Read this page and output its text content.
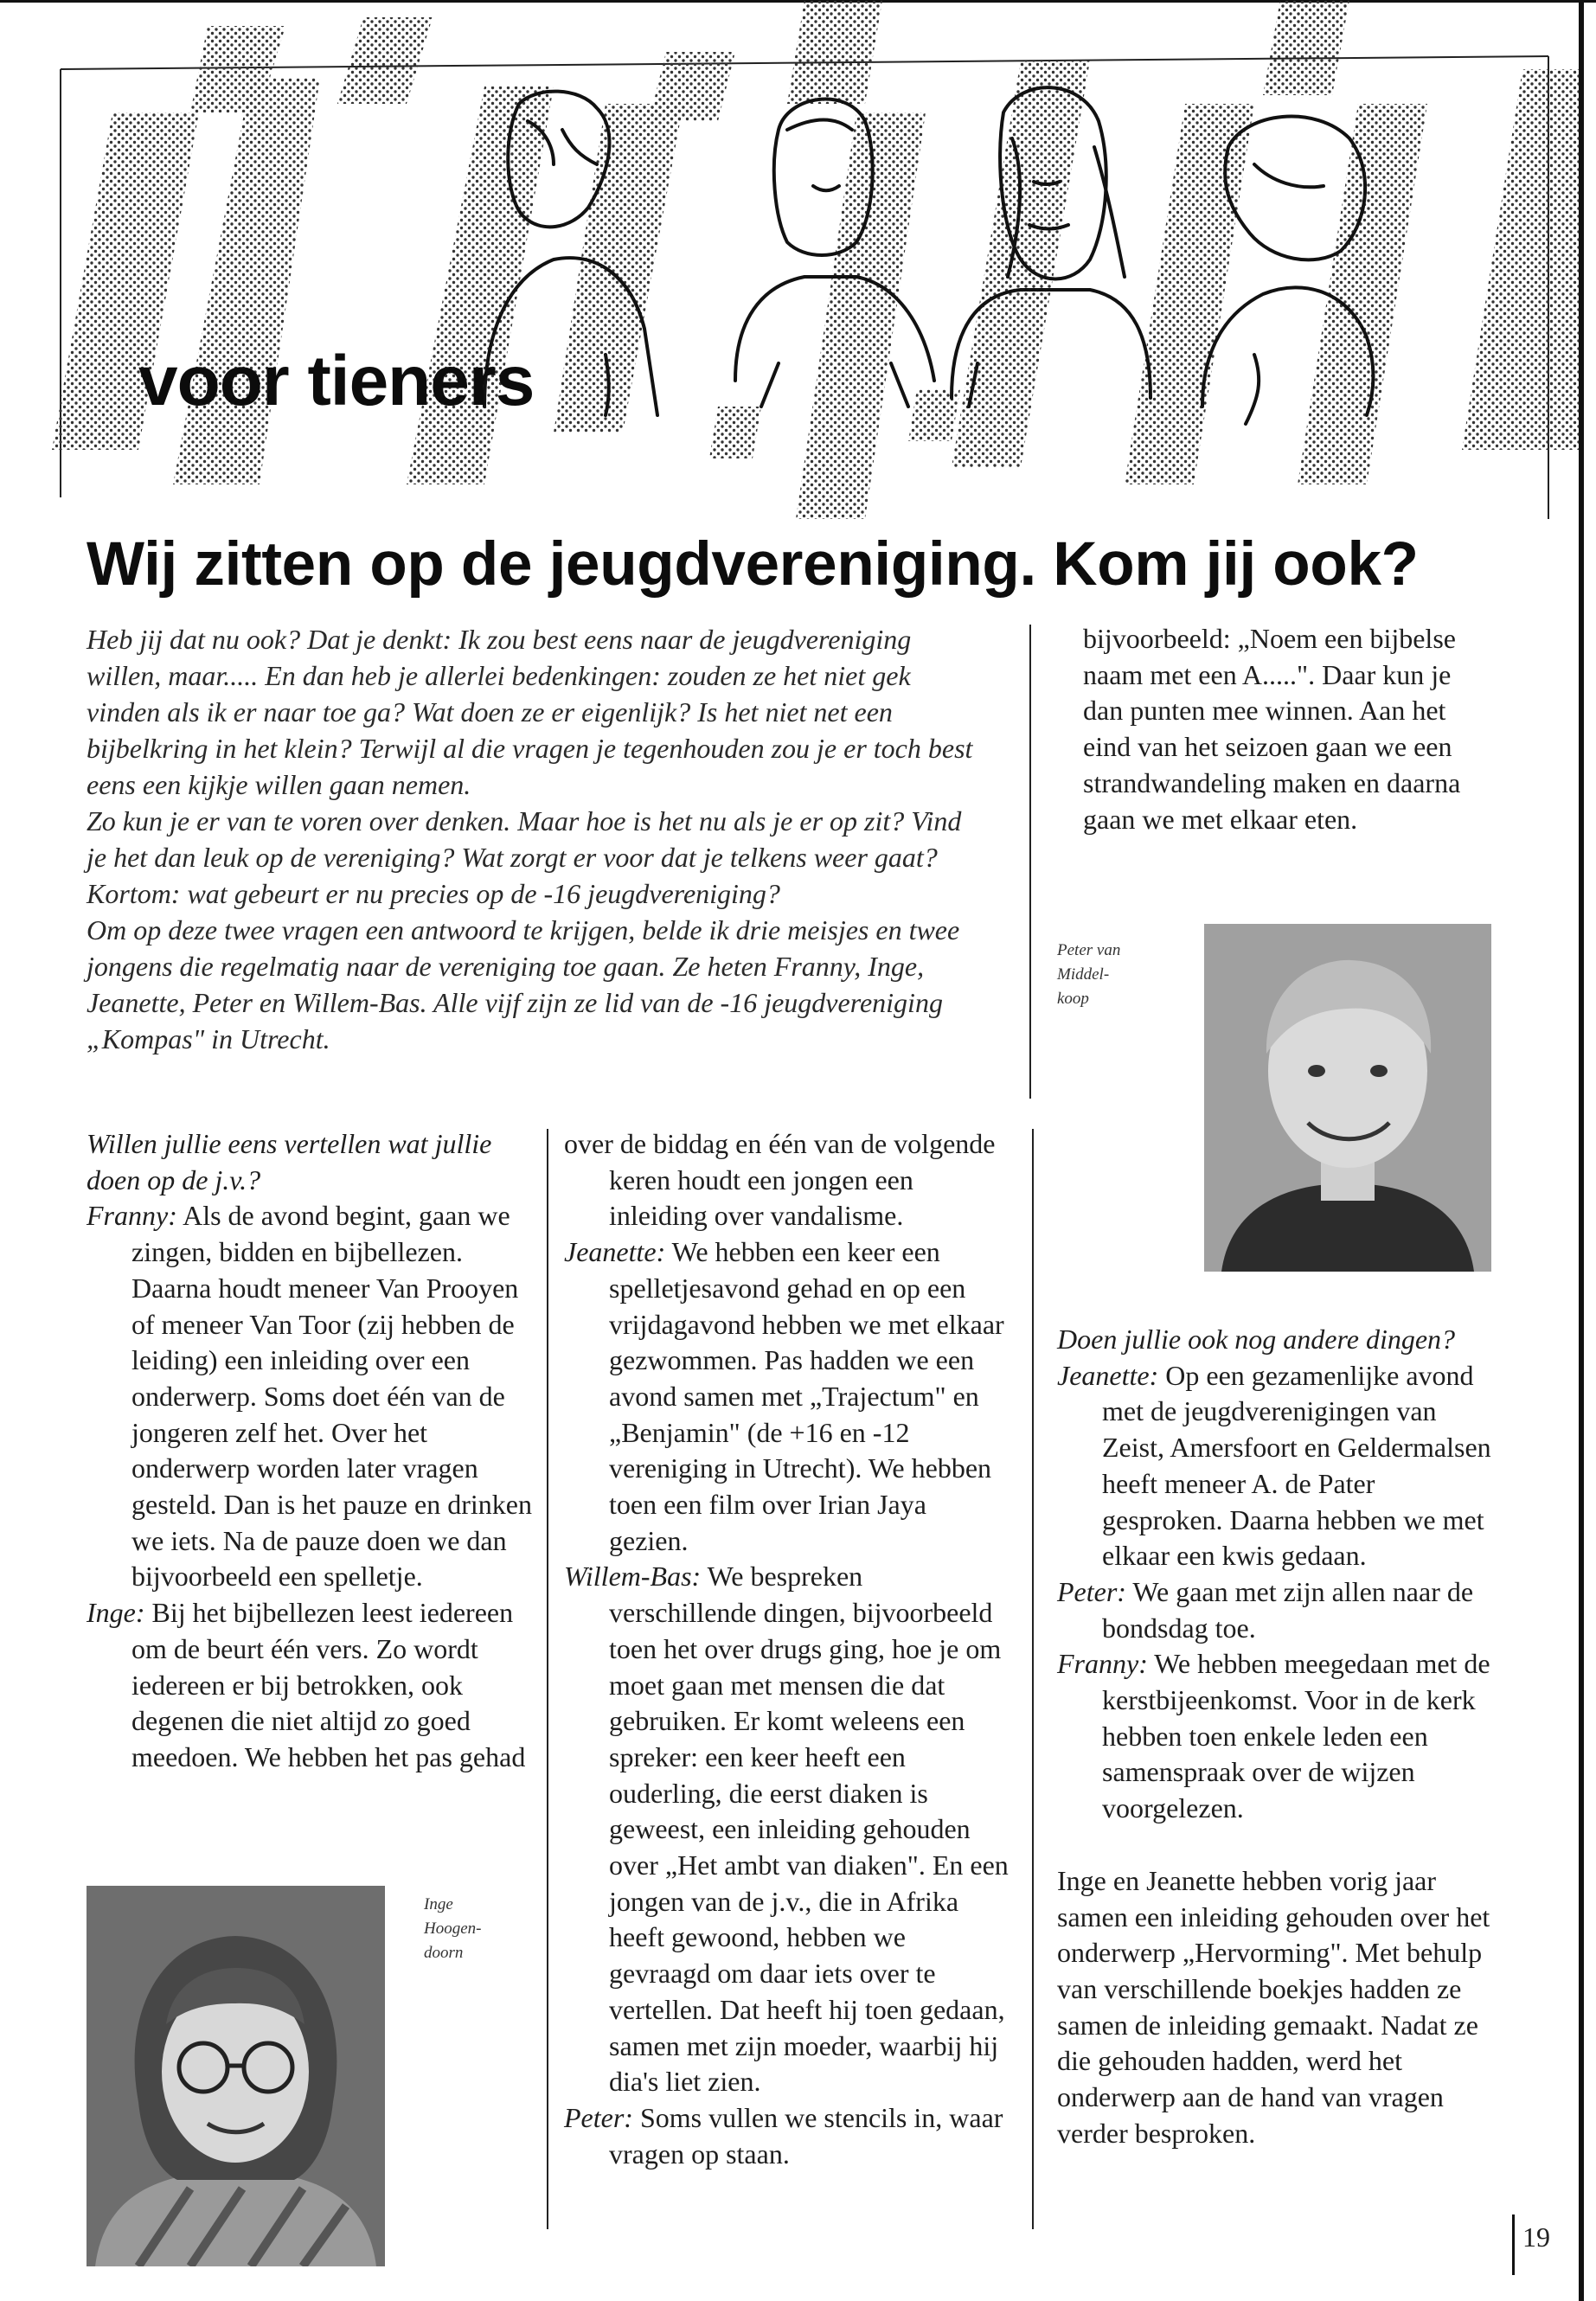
voor tieners
Wij zitten op de jeugdvereniging. Kom jij ook?

Heb jij dat nu ook? Dat je denkt: Ik zou best eens naar de jeugdvereniging willen, maar..... En dan heb je allerlei bedenkingen: zouden ze het niet gek vinden als ik er naar toe ga? Wat doen ze er eigenlijk? Is het niet net een bijbelkring in het klein? Terwijl al die vragen je tegenhouden zou je er toch best eens een kijkje willen gaan nemen.

Zo kun je er van te voren over denken. Maar hoe is het nu als je er op zit? Vind je het dan leuk op de vereniging? Wat zorgt er voor dat je telkens weer gaat? Kortom: wat gebeurt er nu precies op de -16 jeugdvereniging?

Om op deze twee vragen een antwoord te krijgen, belde ik drie meisjes en twee jongens die regelmatig naar de vereniging toe gaan. Ze heten Franny, Inge, Jeanette, Peter en Willem-Bas. Alle vijf zijn ze lid van de -16 jeugdvereniging „Kompas" in Utrecht.

bijvoorbeeld: „Noem een bijbelse naam met een A.....". Daar kun je dan punten mee winnen. Aan het eind van het seizoen gaan we een strandwandeling maken en daarna gaan we met elkaar eten.

Peter van Middel- koop

Willen jullie eens vertellen wat jullie doen op de j.v.?

Franny: Als de avond begint, gaan we zingen, bidden en bijbellezen. Daarna houdt meneer Van Prooyen of meneer Van Toor (zij hebben de leiding) een inleiding over een onderwerp. Soms doet één van de jongeren zelf het. Over het onderwerp worden later vragen gesteld. Dan is het pauze en drinken we iets. Na de pauze doen we dan bijvoorbeeld een spelletje.

Inge: Bij het bijbellezen leest iedereen om de beurt één vers. Zo wordt iedereen er bij betrokken, ook degenen die niet altijd zo goed meedoen. We hebben het pas gehad

Inge Hoogen- doorn

over de biddag en één van de volgende keren houdt een jongen een inleiding over vandalisme.

Jeanette: We hebben een keer een spelletjesavond gehad en op een vrijdagavond hebben we met elkaar gezwommen. Pas hadden we een avond samen met „Trajectum" en „Benjamin" (de +16 en -12 vereniging in Utrecht). We hebben toen een film over Irian Jaya gezien.

Willem-Bas: We bespreken verschillende dingen, bijvoorbeeld toen het over drugs ging, hoe je om moet gaan met mensen die dat gebruiken. Er komt weleens een spreker: een keer heeft een ouderling, die eerst diaken is geweest, een inleiding gehouden over „Het ambt van diaken". En een jongen van de j.v., die in Afrika heeft gewoond, hebben we gevraagd om daar iets over te vertellen. Dat heeft hij toen gedaan, samen met zijn moeder, waarbij hij dia's liet zien.

Peter: Soms vullen we stencils in, waar vragen op staan.

Doen jullie ook nog andere dingen?

Jeanette: Op een gezamenlijke avond met de jeugdverenigingen van Zeist, Amersfoort en Geldermalsen heeft meneer A. de Pater gesproken. Daarna hebben we met elkaar een kwis gedaan.

Peter: We gaan met zijn allen naar de bondsdag toe.

Franny: We hebben meegedaan met de kerstbijeenkomst. Voor in de kerk hebben toen enkele leden een samenspraak over de wijzen voorgelezen.

Inge en Jeanette hebben vorig jaar samen een inleiding gehouden over het onderwerp „Hervorming". Met behulp van verschillende boekjes hadden ze samen de inleiding gemaakt. Nadat ze die gehouden hadden, werd het onderwerp aan de hand van vragen verder besproken.

19
